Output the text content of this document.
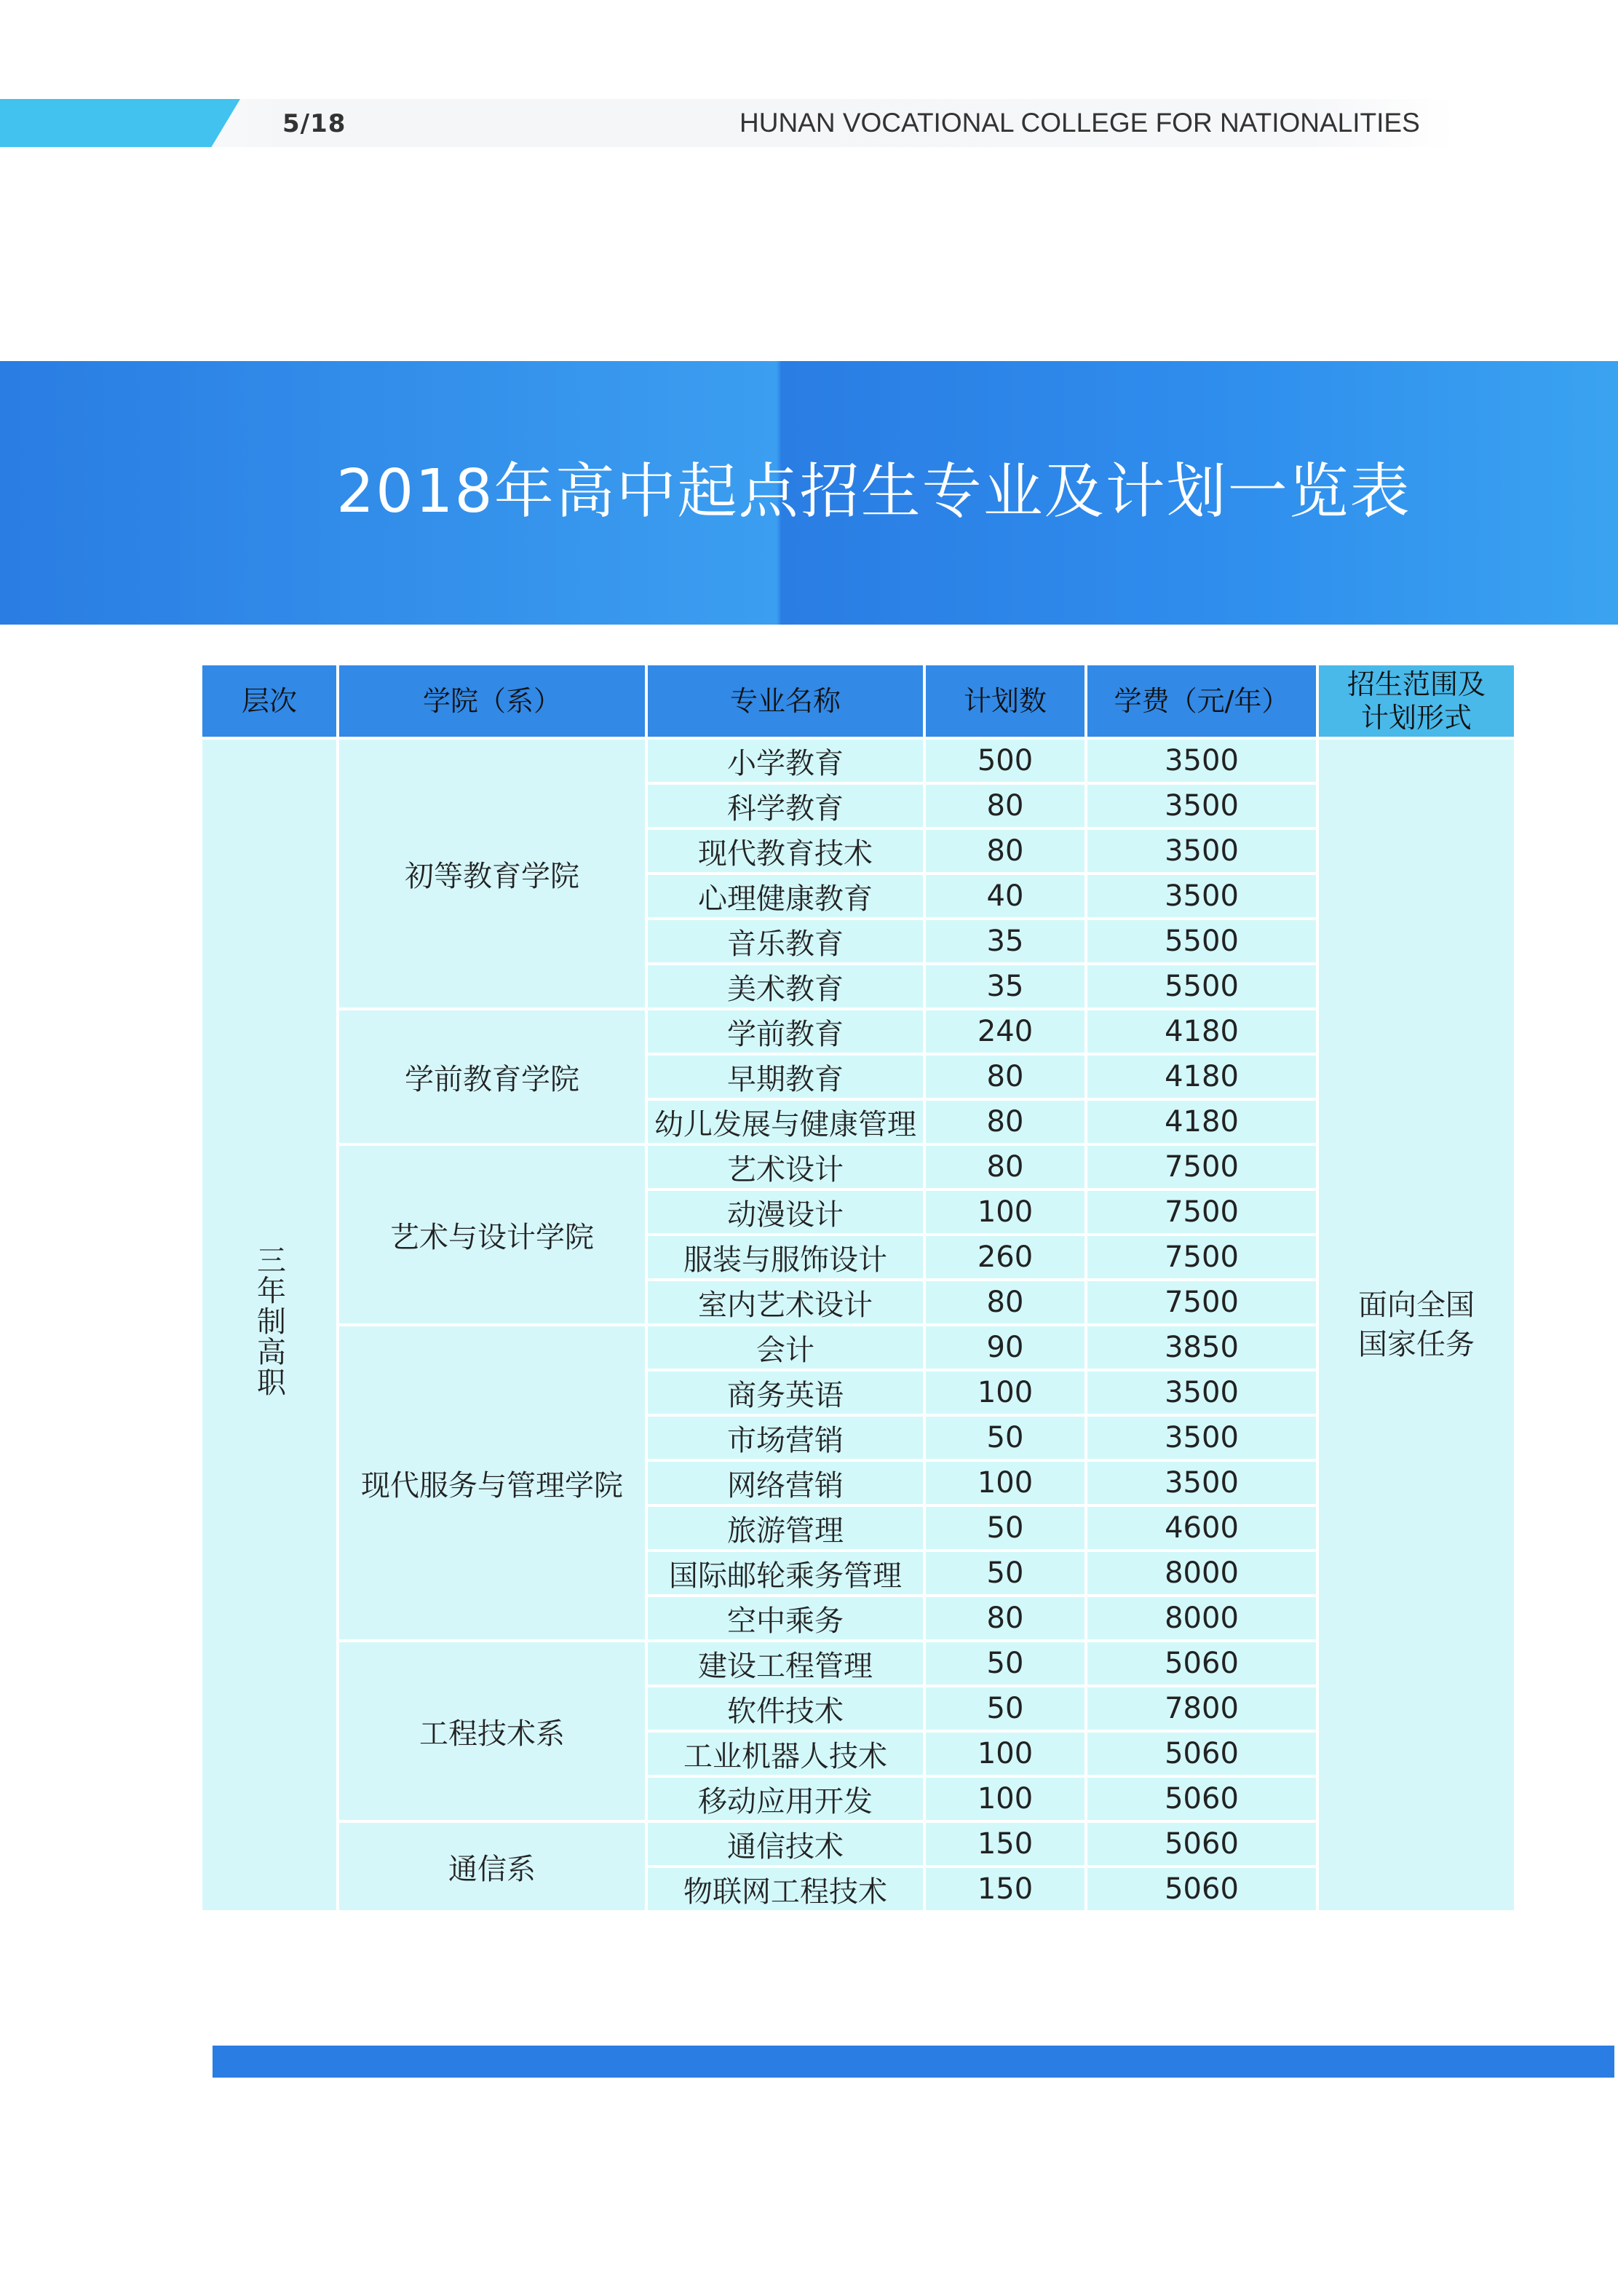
5/18	HUNAN VOCATIONAL COLLEGE FOR NATIONALITIES
2018年高中起点招生专业及计划一览表
层次	学院（系）	专业名称	计划数	学费（元/年）	招生范围及
计划形式
三年制高职	初等教育学院	小学教育	500	3500	面向全国
国家任务

		科学教育	80	3500	
		现代教育技术	80	3500	
		心理健康教育	40	3500	
		音乐教育	35	5500	
		美术教育	35	5500	
	学前教育学院	学前教育	240	4180	
		早期教育	80	4180	
		幼儿发展与健康管理	80	4180	
	艺术与设计学院	艺术设计	80	7500	
		动漫设计	100	7500	
		服装与服饰设计	260	7500	
		室内艺术设计	80	7500	
	现代服务与管理学院	会计	90	3850	
		商务英语	100	3500	
		市场营销	50	3500	
		网络营销	100	3500	
		旅游管理	50	4600	
		国际邮轮乘务管理	50	8000	
		空中乘务	80	8000	
	工程技术系	建设工程管理	50	5060	
		软件技术	50	7800	
		工业机器人技术	100	5060	
		移动应用开发	100	5060	
	通信系	通信技术	150	5060	
		物联网工程技术	150	5060	
